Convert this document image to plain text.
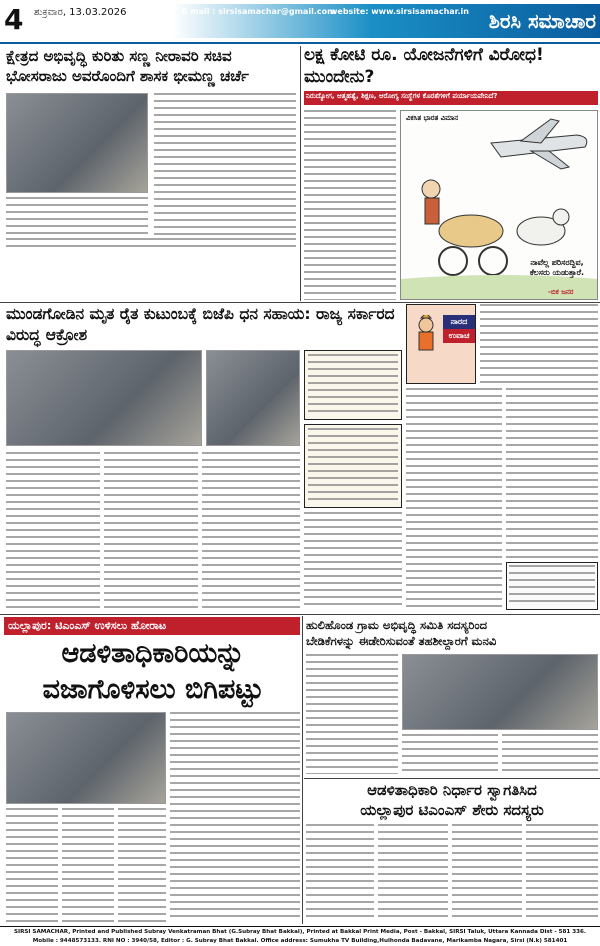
4 ಶುಕ್ರವಾರ, 13.03.2026	E mail : sirsisamachar@gmail.com
website: www.sirsisamachar.in ಶಿರಸಿ ಸಮಾಚಾರ
ಕ್ಷೇತ್ರದ ಅಭಿವೃದ್ಧಿ ಕುರಿತು ಸಣ್ಣ ನೀರಾವರಿ ಸಚಿವ ಭೋಸರಾಜು ಅವರೊಂದಿಗೆ ಶಾಸಕ ಭೀಮಣ್ಣ ಚರ್ಚೆ
ಲಕ್ಷ ಕೋಟಿ ರೂ. ಯೋಜನೆಗಳಿಗೆ ವಿರೋಧ! ಮುಂದೇನು?
ನಿರುದ್ಯೋಗ, ಆತ್ಮಹತ್ಯೆ, ಶಿಕ್ಷಣ, ಆರೋಗ್ಯ ಸಂಸ್ಥೆಗಳ ಕೊರತೆಗಳಿಗೆ ಪರ್ಯಾಯವೇನಿದೆ?
ವಿಕಸಿತ ಭಾರತ ವಿಮಾನ
ನಾವೆಲ್ಲ ಪರಿಸರದ್ದಿವ, ಕೆಲಸರು ಯಡುತ್ತಾರೆ.
-ಬಿಕ ಜನರ
ಮುಂಡಗೋಡಿನ ಮೃತ ರೈತ ಕುಟುಂಬಕ್ಕೆ ಬಿಜೆಪಿ ಧನ ಸಹಾಯ: ರಾಜ್ಯ ಸರ್ಕಾರದ ವಿರುದ್ಧ ಆಕ್ರೋಶ
ನಾರದ
ಉವಾಚ
ಯಲ್ಲಾಪುರ: ಟಿಎಂಎಸ್ ಉಳಿಸಲು ಹೋರಾಟ
ಆಡಳಿತಾಧಿಕಾರಿಯನ್ನು
ವಜಾಗೊಳಿಸಲು ಬಿಗಿಪಟ್ಟು
ಹುಲಿಹೊಂಡ ಗ್ರಾಮ ಅಭಿವೃದ್ಧಿ ಸಮಿತಿ ಸದಸ್ಯರಿಂದ
ಬೇಡಿಕೆಗಳನ್ನು ಈಡೇರಿಸುವಂತೆ ತಹಶೀಲ್ದಾರಗೆ ಮನವಿ
ಆಡಳಿತಾಧಿಕಾರಿ ನಿರ್ಧಾರ ಸ್ವಾಗತಿಸಿದ
ಯಲ್ಲಾಪುರ ಟಿಎಂಎಸ್ ಶೇರು ಸದಸ್ಯರು
SIRSI SAMACHAR, Printed and Published Subray Venkatraman Bhat (G.Subray Bhat Bakkal), Printed at Bakkal Print Media, Post - Bakkal, SIRSI Taluk, Uttara Kannada Dist - 581 336.
Mobile : 9448573133. RNI NO : 3940/58, Editor : G. Subray Bhat Bakkal. Office address: Sumukha TV Building,Hulhonda Badavane, Marikamba Nagara, Sirsi (N.k) 581401
